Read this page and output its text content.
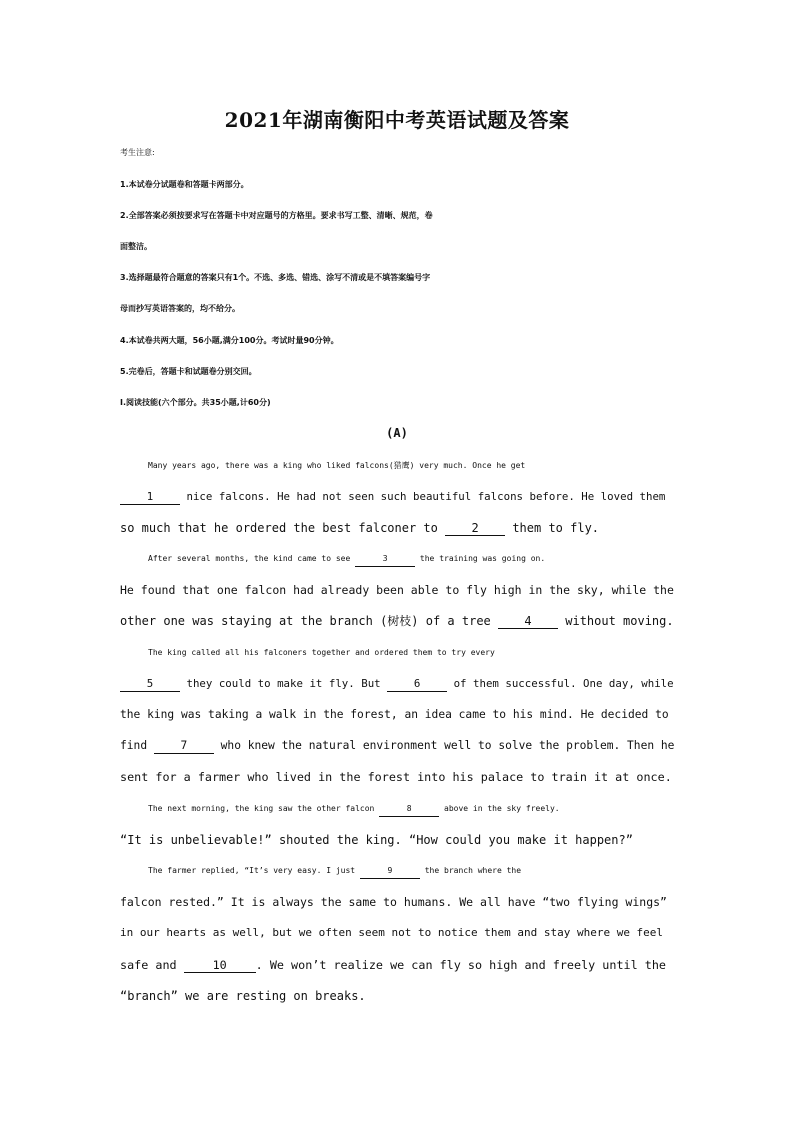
2021年湖南衡阳中考英语试题及答案
考生注意:
1.本试卷分试题卷和答题卡两部分。
2.全部答案必须按要求写在答题卡中对应题号的方格里。要求书写工整、清晰、规范，卷
面整洁。
3.选择题最符合题意的答案只有1个。不选、多选、错选、涂写不清或是不填答案编号字
母而抄写英语答案的，均不给分。
4.本试卷共两大题，56小题,满分100分。考试时量90分钟。
5.完卷后，答题卡和试题卷分别交回。
I.阅读技能(六个部分。共35小题,计60分)
(A)
Many years ago, there was a king who liked falcons(猎鹰) very much. Once he get
1 nice falcons. He had not seen such beautiful falcons before. He loved them
so much that he ordered the best falconer to 2 them to fly.
After several months, the kind came to see	3	the training was going on.
He found that one falcon had already been able to fly high in the sky, while the
other one was staying at the branch (树枝) of a tree 4 without moving.
The king called all his falconers together and ordered them to try every
5 they could to make it fly. But 6 of them successful. One day, while
the king was taking a walk in the forest, an idea came to his mind. He decided to
find 7 who knew the natural environment well to solve the problem. Then he
sent for a farmer who lived in the forest into his palace to train it at once.
The next morning, the king saw the other falcon	8	above in the sky freely.
“It is unbelievable!” shouted the king. “How could you make it happen?”
The farmer replied, “It’s very easy. I just	9	the branch where the
falcon rested.” It is always the same to humans. We all have “two flying wings”
in our hearts as well, but we often seem not to notice them and stay where we feel
safe and 10 . We won’t realize we can fly so high and freely until the
“branch” we are resting on breaks.
